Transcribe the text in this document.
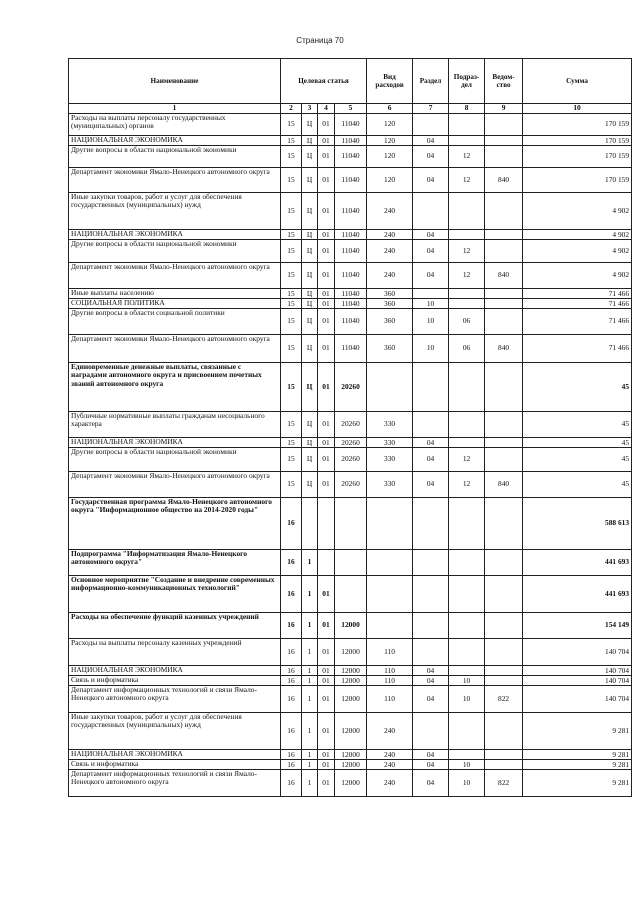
Страница 70
Наименование	Целевая статья				Вид расходов	Раздел	Подраз- дел	Ведом- ство	Сумма
1	2	3	4	5	6	7	8	9	10
Расходы на выплаты персоналу государственных (муниципальных) органов	15	Ц	01	11040	120				170 159
НАЦИОНАЛЬНАЯ ЭКОНОМИКА	15	Ц	01	11040	120	04			170 159
Другие вопросы в области национальной экономики	15	Ц	01	11040	120	04	12		170 159
Департамент экономики Ямало-Ненецкого автономного округа	15	Ц	01	11040	120	04	12	840	170 159
Иные закупки товаров, работ и услуг для обеспечения государственных (муниципальных) нужд	15	Ц	01	11040	240				4 902
НАЦИОНАЛЬНАЯ ЭКОНОМИКА	15	Ц	01	11040	240	04			4 902
Другие вопросы в области национальной экономики	15	Ц	01	11040	240	04	12		4 902
Департамент экономики Ямало-Ненецкого автономного округа	15	Ц	01	11040	240	04	12	840	4 902
Иные выплаты населению	15	Ц	01	11040	360				71 466
СОЦИАЛЬНАЯ ПОЛИТИКА	15	Ц	01	11040	360	10			71 466
Другие вопросы в области социальной политики	15	Ц	01	11040	360	10	06		71 466
Департамент экономики Ямало-Ненецкого автономного округа	15	Ц	01	11040	360	10	06	840	71 466
Единовременные денежные выплаты, связанные с наградами автономного округа и присвоением почетных званий автономного округа	15	Ц	01	20260					45
Публичные нормативные выплаты гражданам несоциального характера	15	Ц	01	20260	330				45
НАЦИОНАЛЬНАЯ ЭКОНОМИКА	15	Ц	01	20260	330	04			45
Другие вопросы в области национальной экономики	15	Ц	01	20260	330	04	12		45
Департамент экономики Ямало-Ненецкого автономного округа	15	Ц	01	20260	330	04	12	840	45
Государственная программа Ямало-Ненецкого автономного округа "Информационное общество на 2014-2020 годы"	16								588 613
Подпрограмма "Информатизация Ямало-Ненецкого автономного округа"	16	1							441 693
Основное мероприятие "Создание и внедрение современных информационно-коммуникационных технологий"	16	1	01						441 693
Расходы на обеспечение функций казенных учреждений	16	1	01	12000					154 149
Расходы на выплаты персоналу казенных учреждений	16	1	01	12000	110				140 704
НАЦИОНАЛЬНАЯ ЭКОНОМИКА	16	1	01	12000	110	04			140 704
Связь и информатика	16	1	01	12000	110	04	10		140 704
Департамент информационных технологий и связи Ямало-Ненецкого автономного округа	16	1	01	12000	110	04	10	822	140 704
Иные закупки товаров, работ и услуг для обеспечения государственных (муниципальных) нужд	16	1	01	12000	240				9 281
НАЦИОНАЛЬНАЯ ЭКОНОМИКА	16	1	01	12000	240	04			9 281
Связь и информатика	16	1	01	12000	240	04	10		9 281
Департамент информационных технологий и связи Ямало-Ненецкого автономного округа	16	1	01	12000	240	04	10	822	9 281
